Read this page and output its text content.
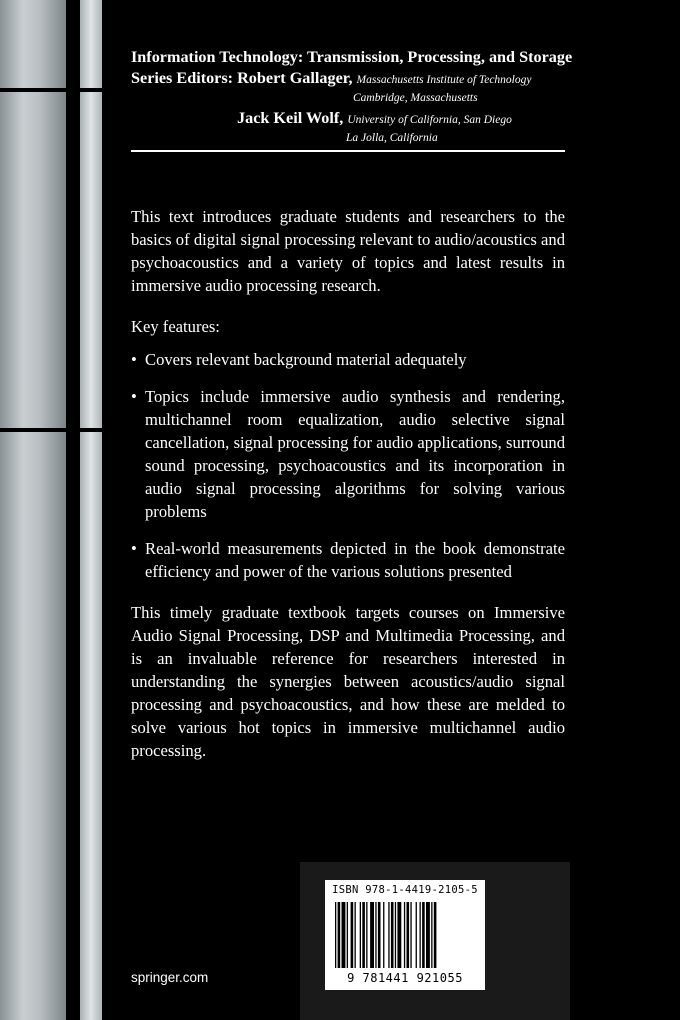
Information Technology: Transmission, Processing, and Storage
Series Editors: Robert Gallager, Massachusetts Institute of Technology
Cambridge, Massachusetts
Jack Keil Wolf, University of California, San Diego
La Jolla, California

This text introduces graduate students and researchers to the basics of digital signal processing relevant to audio/acoustics and psychoacoustics and a variety of topics and latest results in immersive audio processing research.

Key features:

• Covers relevant background material adequately
• Topics include immersive audio synthesis and rendering, multichannel room equalization, audio selective signal cancellation, signal processing for audio applications, surround sound processing, psychoacoustics and its incorporation in audio signal processing algorithms for solving various problems
• Real-world measurements depicted in the book demonstrate efficiency and power of the various solutions presented

This timely graduate textbook targets courses on Immersive Audio Signal Processing, DSP and Multimedia Processing, and is an invaluable reference for researchers interested in understanding the synergies between acoustics/audio signal processing and psychoacoustics, and how these are melded to solve various hot topics in immersive multichannel audio processing.

ISBN 978-1-4419-2105-5
9 781441 921055
springer.com
